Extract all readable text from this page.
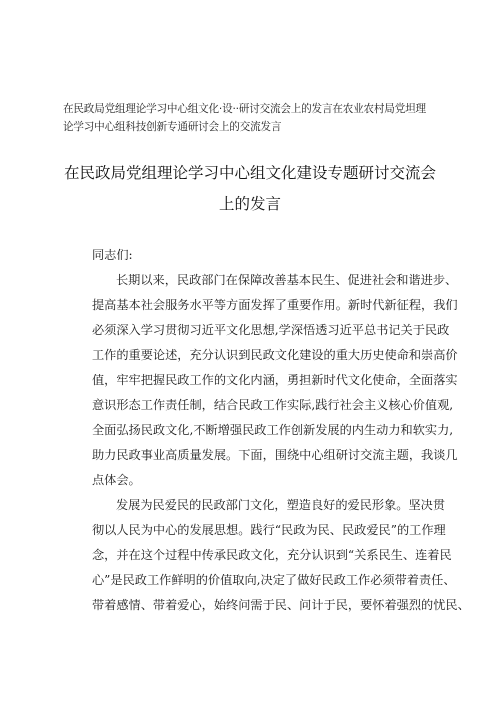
在民政局党组理论学习中心组文化·设··研讨交流会上的发言在农业农村局党坦理
论学习中心组科技创新专通研讨会上的交流发言
在民政局党组理论学习中心组文化建设专题研讨交流会
上的发言
同志们:
长期以来，民政部门在保障改善基本民生、促进社会和谐进步、
提高基本社会服务水平等方面发挥了重要作用。新时代新征程，我们
必须深入学习贯彻习近平文化思想,学深悟透习近平总书记关于民政
工作的重要论述，充分认识到民政文化建设的重大历史使命和崇高价
值，牢牢把握民政工作的文化内涵，勇担新时代文化使命，全面落实
意识形态工作责任制，结合民政工作实际,践行社会主义核心价值观,
全面弘扬民政文化,不断增强民政工作创新发展的内生动力和软实力,
助力民政事业高质量发展。下面，围绕中心组研讨交流主题，我谈几
点体会。
发展为民爱民的民政部门文化，塑造良好的爱民形象。坚决贯
彻以人民为中心的发展思想。践行“民政为民、民政爱民”的工作理
念，并在这个过程中传承民政文化，充分认识到“关系民生、连着民
心”是民政工作鲜明的价值取向,决定了做好民政工作必须带着责任、
带着感情、带着爱心，始终问需于民、问计于民，要怀着强烈的忧民、
